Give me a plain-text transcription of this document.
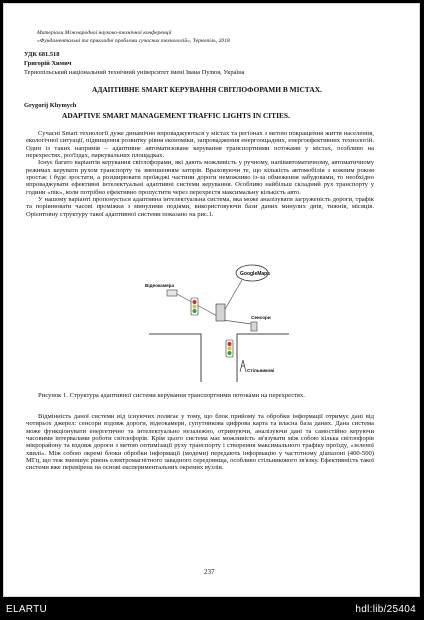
Матеріали Міжнародної науково-технічної конференції
«Фундаментальні та прикладні проблеми сучасних технологій», Тернопіль, 2018
УДК 681.518
Григорій Химич
Тернопільський національний технічний університет імені Івана Пулюя, Україна
АДАПТИВНЕ SMART КЕРУВАННЯ СВІТЛОФОРАМИ В МІСТАХ.
Grygorij Khymych
ADAPTIVE SMART MANAGEMENT TRAFFIC LIGHTS IN CITIES.

Сучасні Smart технології дуже динамічно впроваджуються у містах та регіонах з метою покращення життя населення, екологічної ситуації, підвищення розвитку рівня економіки, запровадження енергоощадних, енергоефективних технологій. Один із таких напрямів – адаптивне автоматизоване керування транспортними потоками у містах, особливо на перехрестях, роз'їздах, паркувальних площадках.

Існує багато варіантів керування світлофорами, які дають можливість у ручному, напівавтоматичному, автоматичному режимах керувати рухом транспорту та зменшенням заторів. Враховуючи те, що кількість автомобілів з кожним роком зростає і буде зростати, а розширювати проїжджі частини дороги неможливо із-за обмеження забудовами, то необхідно впроваджувати ефективні інтелектуальні адаптивні системи керування. Особливо найбільш складний рух транспорту у години «пік», коли потрібно ефективно пропустити через перехрестя максимальну кількість авто.

У нашому варіанті пропонується адаптивна інтелектуальна система, яка може аналізувати загруженість дороги, трафік та порівнювати часові проміжки з минулими подіями, використовуючи бази даних минулих днів, тижнів, місяців. Орієнтовну структуру такої адаптивної системи показано на рис.1.

GoogleMaps
Відеокамера
Сенсори
Стільникові

Рисунок 1. Структура адаптивної системи керування транспортними потоками на перехрестях.

Відмінність даної системи від існуючих полягає у тому, що блок прийому та обробки інформації отримує дані від чотирьох джерел: сенсори вздовж дороги, відеокамери, супутникова цифрова карта та власна база даних. Дана система може функціонувати енергетично та інтелектуально незалежно, отримуючи, аналізуючи дані та самостійно керуючи часовими інтервалами роботи світлофорів. Крім цього система має можливість зв'язувати між собою кілька світлофорів мікрорайону та вздовж дороги з метою оптимізації руху транспорту і створення максимального трафіку проїзду, «зеленої хвилі». Між собою окремі блоки обробки інформації (модеми) передають інформацію у частотному діапазоні (400-500) МГц, що теж зменшує рівень електромагнітного завадного середовища, особливо стільникового зв'язку. Ефективність такої системи вже перевірена на основі експериментальних окремих вузлів.

237
ELARTU	hdl:lib/25404
